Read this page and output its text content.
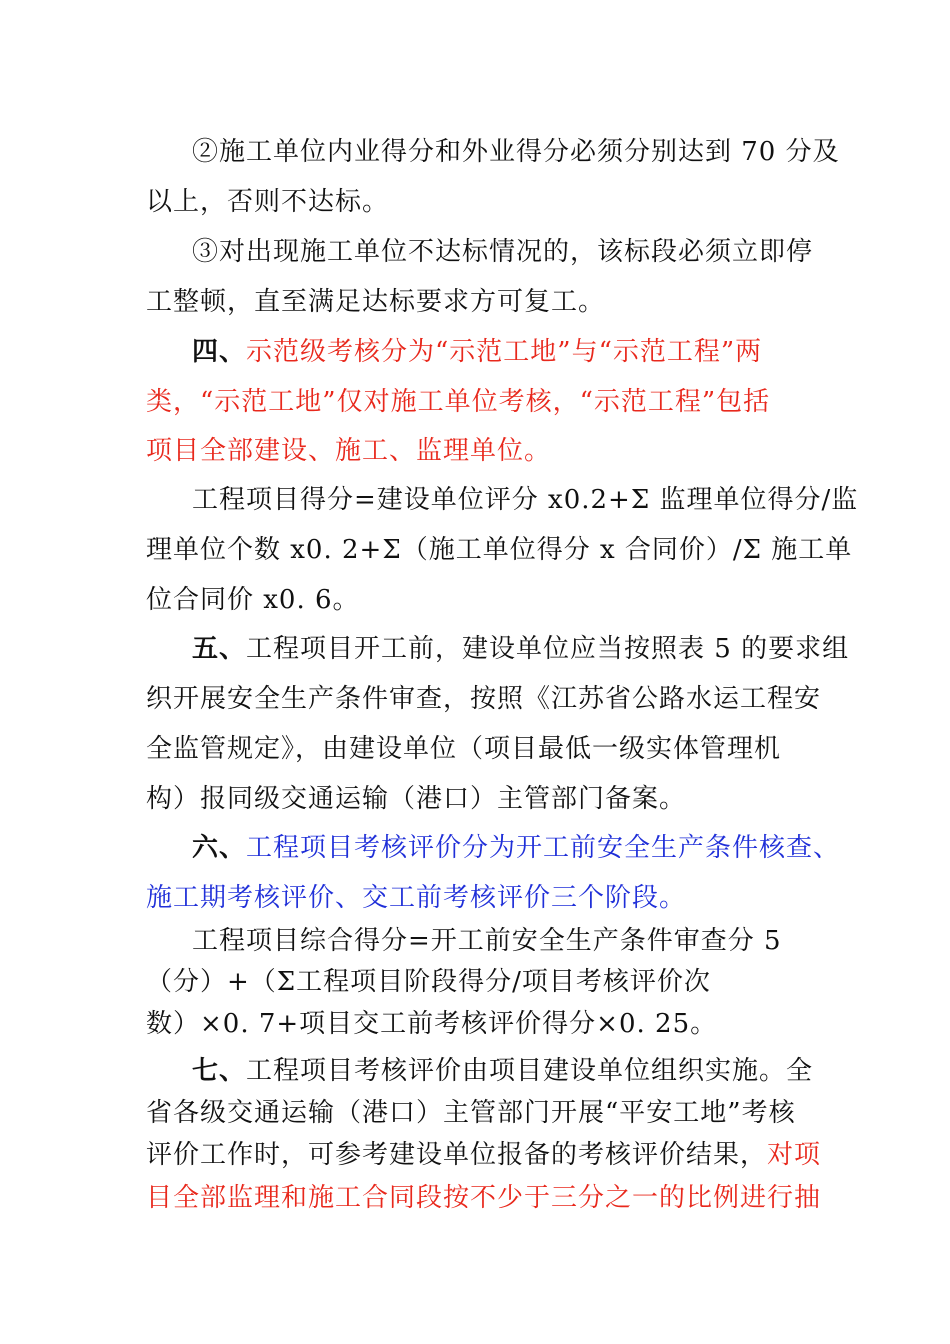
②施工单位内业得分和外业得分必须分别达到 70 分及
以上，否则不达标。
③对出现施工单位不达标情况的，该标段必须立即停
工整顿，直至满足达标要求方可复工。
四、示范级考核分为“示范工地”与“示范工程”两
类，“示范工地”仅对施工单位考核，“示范工程”包括
项目全部建设、施工、监理单位。
工程项目得分=建设单位评分 x0.2+Σ 监理单位得分/监
理单位个数 x0. 2+Σ（施工单位得分 x 合同价）/Σ 施工单
位合同价 x0. 6。
五、工程项目开工前，建设单位应当按照表 5 的要求组
织开展安全生产条件审查，按照《江苏省公路水运工程安
全监管规定》，由建设单位（项目最低一级实体管理机
构）报同级交通运输（港口）主管部门备案。
六、工程项目考核评价分为开工前安全生产条件核查、
施工期考核评价、交工前考核评价三个阶段。
工程项目综合得分=开工前安全生产条件审查分 5
（分）+（Σ工程项目阶段得分/项目考核评价次
数）×0. 7+项目交工前考核评价得分×0. 25。
七、工程项目考核评价由项目建设单位组织实施。全
省各级交通运输（港口）主管部门开展“平安工地”考核
评价工作时，可参考建设单位报备的考核评价结果，对项
目全部监理和施工合同段按不少于三分之一的比例进行抽
